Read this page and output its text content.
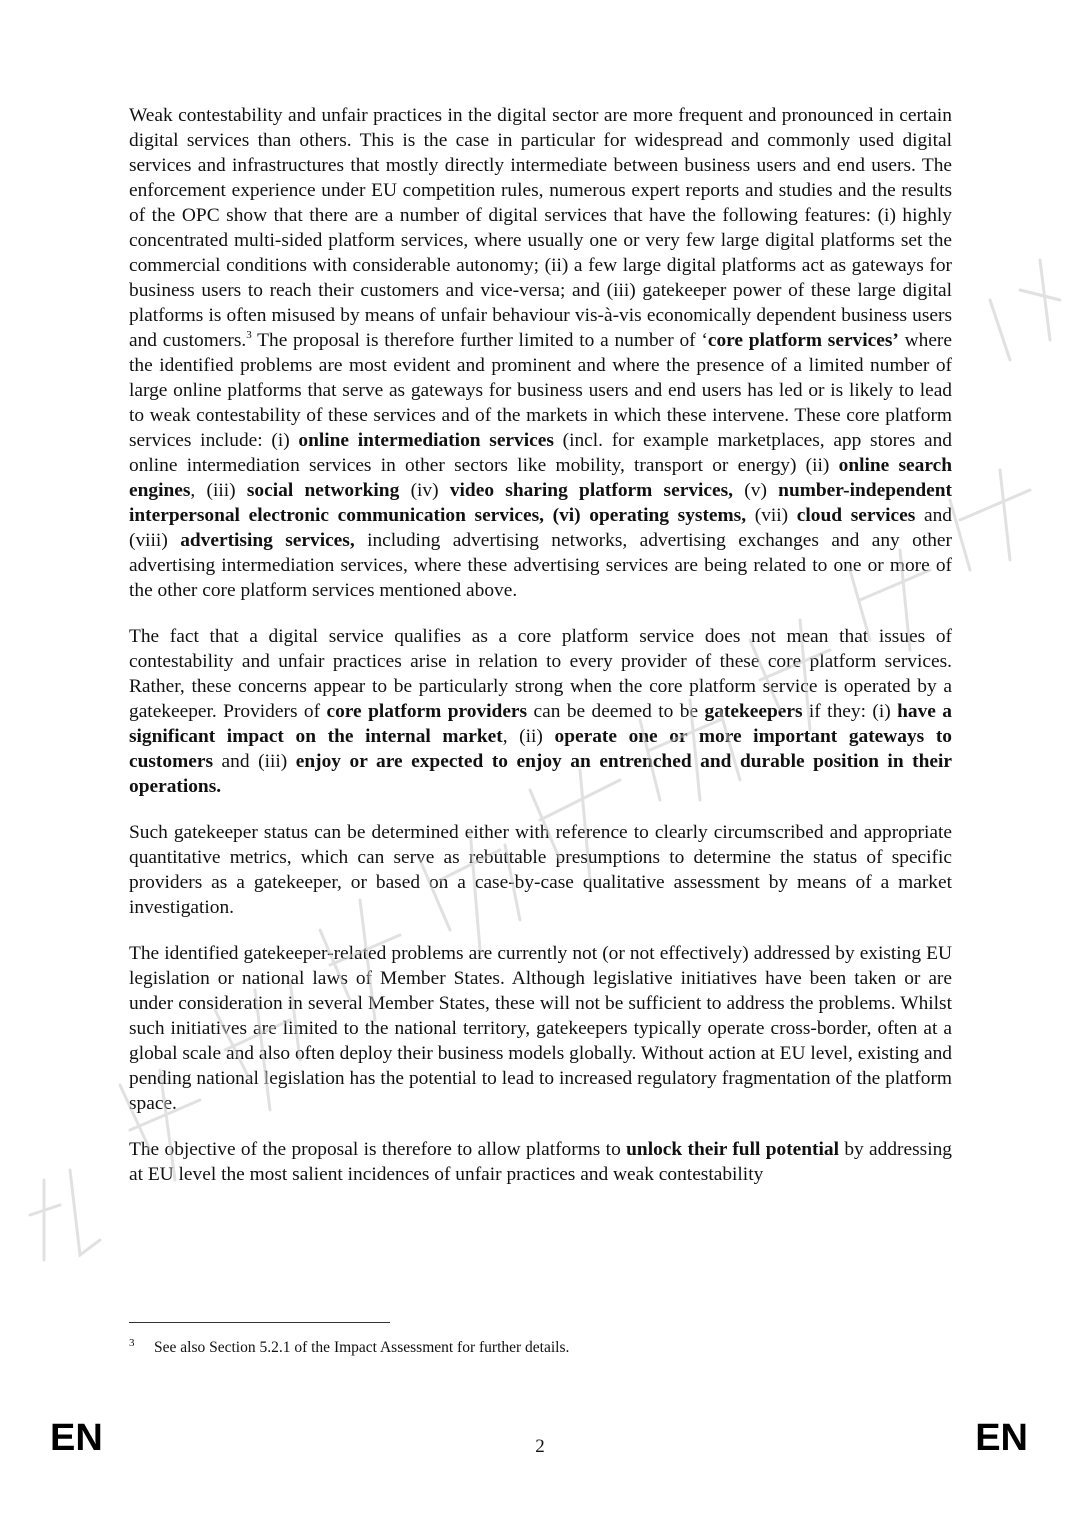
Weak contestability and unfair practices in the digital sector are more frequent and pronounced in certain digital services than others. This is the case in particular for widespread and commonly used digital services and infrastructures that mostly directly intermediate between business users and end users. The enforcement experience under EU competition rules, numerous expert reports and studies and the results of the OPC show that there are a number of digital services that have the following features: (i) highly concentrated multi-sided platform services, where usually one or very few large digital platforms set the commercial conditions with considerable autonomy; (ii) a few large digital platforms act as gateways for business users to reach their customers and vice-versa; and (iii) gatekeeper power of these large digital platforms is often misused by means of unfair behaviour vis-à-vis economically dependent business users and customers.$^3$ The proposal is therefore further limited to a number of ‘core platform services’ where the identified problems are most evident and prominent and where the presence of a limited number of large online platforms that serve as gateways for business users and end users has led or is likely to lead to weak contestability of these services and of the markets in which these intervene. These core platform services include: (i) online intermediation services (incl. for example marketplaces, app stores and online intermediation services in other sectors like mobility, transport or energy) (ii) online search engines, (iii) social networking (iv) video sharing platform services, (v) number-independent interpersonal electronic communication services, (vi) operating systems, (vii) cloud services and (viii) advertising services, including advertising networks, advertising exchanges and any other advertising intermediation services, where these advertising services are being related to one or more of the other core platform services mentioned above.

The fact that a digital service qualifies as a core platform service does not mean that issues of contestability and unfair practices arise in relation to every provider of these core platform services. Rather, these concerns appear to be particularly strong when the core platform service is operated by a gatekeeper. Providers of core platform providers can be deemed to be gatekeepers if they: (i) have a significant impact on the internal market, (ii) operate one or more important gateways to customers and (iii) enjoy or are expected to enjoy an entrenched and durable position in their operations.

Such gatekeeper status can be determined either with reference to clearly circumscribed and appropriate quantitative metrics, which can serve as rebuttable presumptions to determine the status of specific providers as a gatekeeper, or based on a case-by-case qualitative assessment by means of a market investigation.

The identified gatekeeper-related problems are currently not (or not effectively) addressed by existing EU legislation or national laws of Member States. Although legislative initiatives have been taken or are under consideration in several Member States, these will not be sufficient to address the problems. Whilst such initiatives are limited to the national territory, gatekeepers typically operate cross-border, often at a global scale and also often deploy their business models globally. Without action at EU level, existing and pending national legislation has the potential to lead to increased regulatory fragmentation of the platform space.

The objective of the proposal is therefore to allow platforms to unlock their full potential by addressing at EU level the most salient incidences of unfair practices and weak contestability

3 See also Section 5.2.1 of the Impact Assessment for further details.
EN	2	EN
